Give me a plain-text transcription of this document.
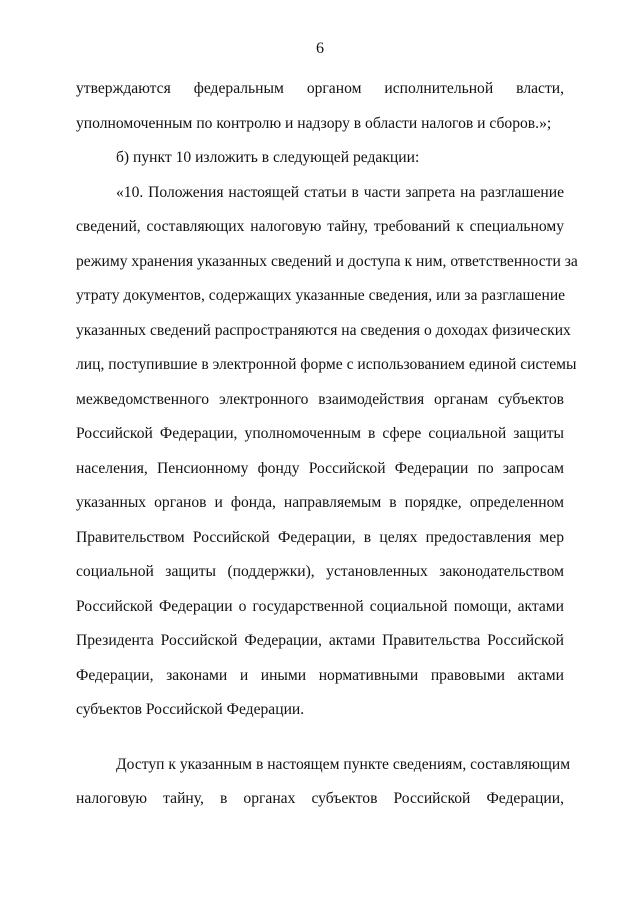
6
утверждаются федеральным органом исполнительной власти,
уполномоченным по контролю и надзору в области налогов и сборов.»;
б) пункт 10 изложить в следующей редакции:
«10. Положения настоящей статьи в части запрета на разглашение
сведений, составляющих налоговую тайну, требований к специальному
режиму хранения указанных сведений и доступа к ним, ответственности за
утрату документов, содержащих указанные сведения, или за разглашение
указанных сведений распространяются на сведения о доходах физических
лиц, поступившие в электронной форме с использованием единой системы
межведомственного электронного взаимодействия органам субъектов
Российской Федерации, уполномоченным в сфере социальной защиты
населения, Пенсионному фонду Российской Федерации по запросам
указанных органов и фонда, направляемым в порядке, определенном
Правительством Российской Федерации, в целях предоставления мер
социальной защиты (поддержки), установленных законодательством
Российской Федерации о государственной социальной помощи, актами
Президента Российской Федерации, актами Правительства Российской
Федерации, законами и иными нормативными правовыми актами
субъектов Российской Федерации.
Доступ к указанным в настоящем пункте сведениям, составляющим
налоговую тайну, в органах субъектов Российской Федерации,
